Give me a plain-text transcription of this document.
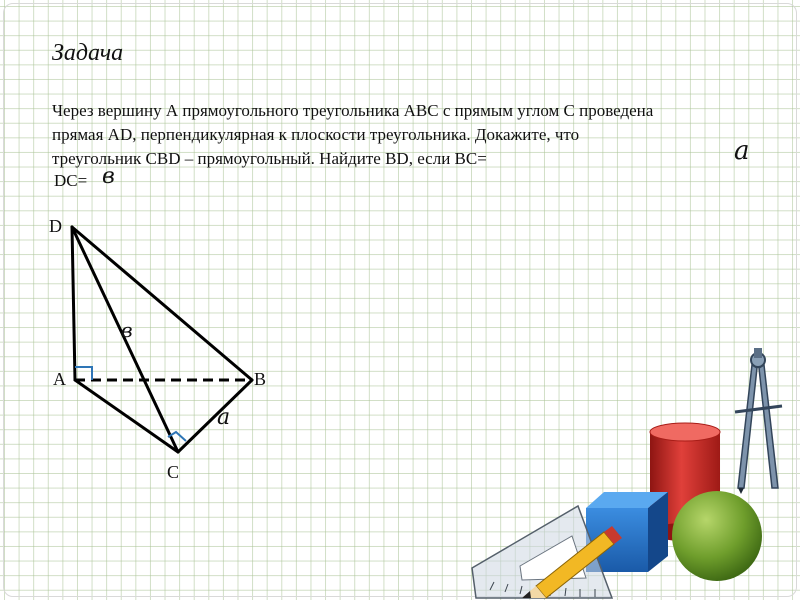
Задача

Через вершину А прямоугольного треугольника АВС с прямым углом С проведена
прямая AD, перпендикулярная к плоскости треугольника. Докажите, что
треугольник CBD – прямоугольный. Найдите BD, если BC=	a
DC= в
D
A	B
C
в
a
